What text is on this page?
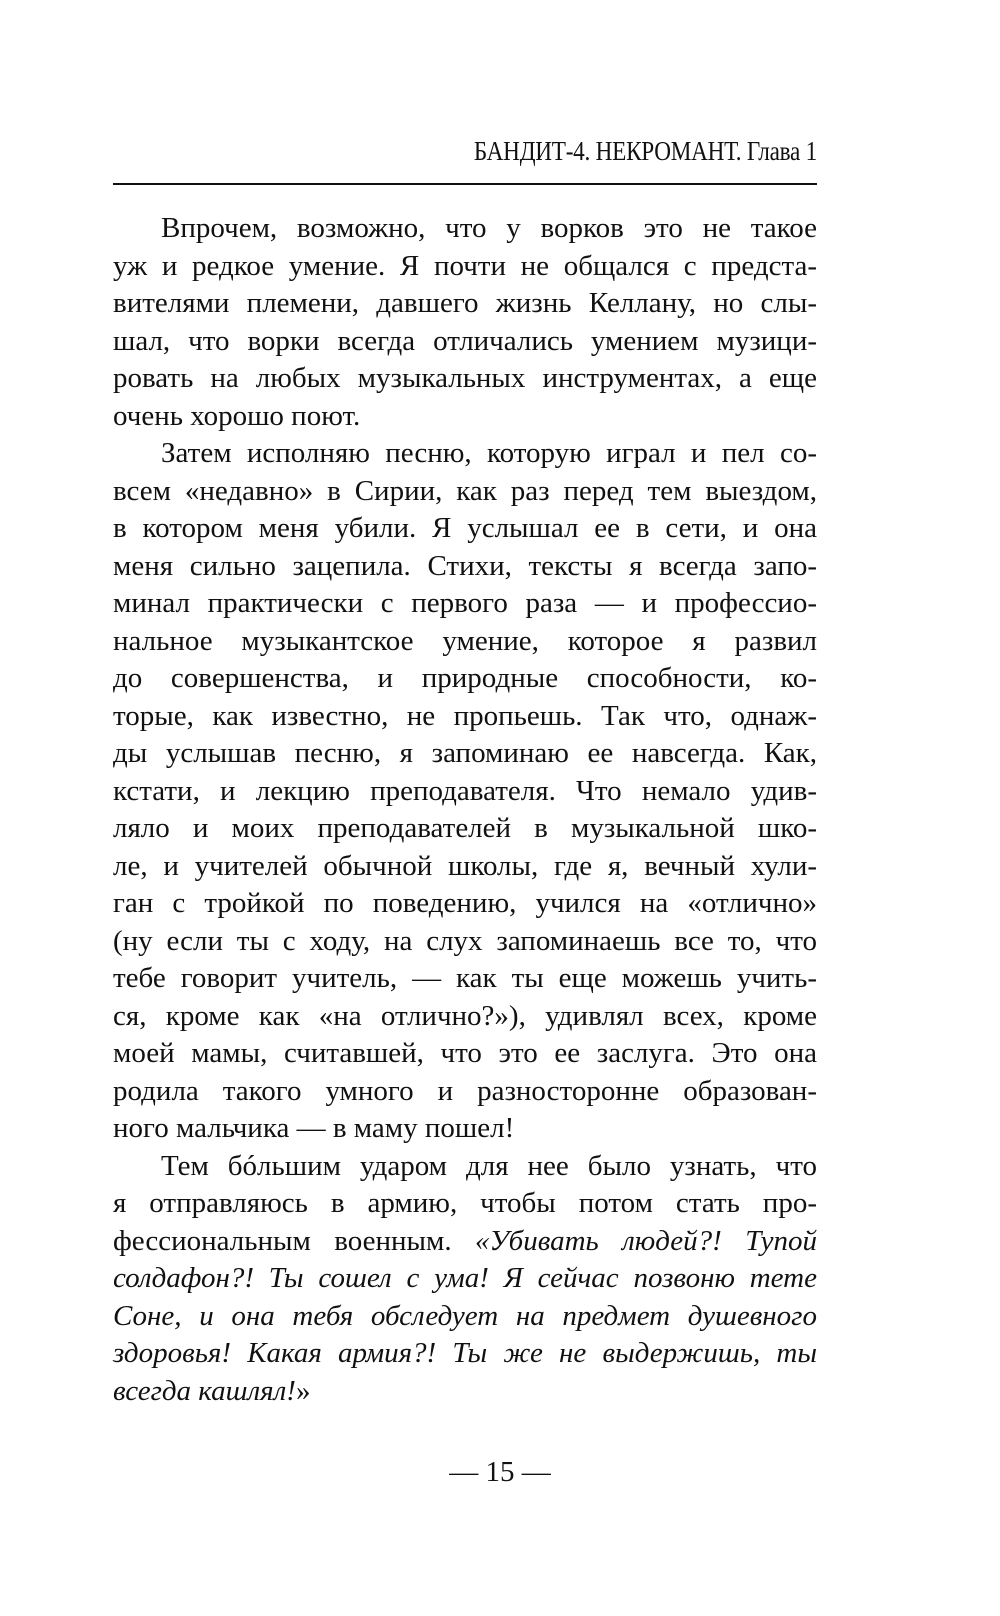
БАНДИТ-4. НЕКРОМАНТ. Глава 1
Впрочем, возможно, что у ворков это не такое
уж и редкое умение. Я почти не общался с предста-
вителями племени, давшего жизнь Келлану, но слы-
шал, что ворки всегда отличались умением музици-
ровать на любых музыкальных инструментах, а еще
очень хорошо поют.
Затем исполняю песню, которую играл и пел со-
всем «недавно» в Сирии, как раз перед тем выездом,
в котором меня убили. Я услышал ее в сети, и она
меня сильно зацепила. Стихи, тексты я всегда запо-
минал практически с первого раза — и профессио-
нальное музыкантское умение, которое я развил
до совершенства, и природные способности, ко-
торые, как известно, не пропьешь. Так что, однаж-
ды услышав песню, я запоминаю ее навсегда. Как,
кстати, и лекцию преподавателя. Что немало удив-
ляло и моих преподавателей в музыкальной шко-
ле, и учителей обычной школы, где я, вечный хули-
ган с тройкой по поведению, учился на «отлично»
(ну если ты с ходу, на слух запоминаешь все то, что
тебе говорит учитель, — как ты еще можешь учить-
ся, кроме как «на отлично?»), удивлял всех, кроме
моей мамы, считавшей, что это ее заслуга. Это она
родила такого умного и разносторонне образован-
ного мальчика — в маму пошел!
Тем бóльшим ударом для нее было узнать, что
я отправляюсь в армию, чтобы потом стать про-
фессиональным военным. «Убивать людей?! Тупой
солдафон?! Ты сошел с ума! Я сейчас позвоню тете
Соне, и она тебя обследует на предмет душевного
здоровья! Какая армия?! Ты же не выдержишь, ты
всегда кашлял!»
— 15 —
